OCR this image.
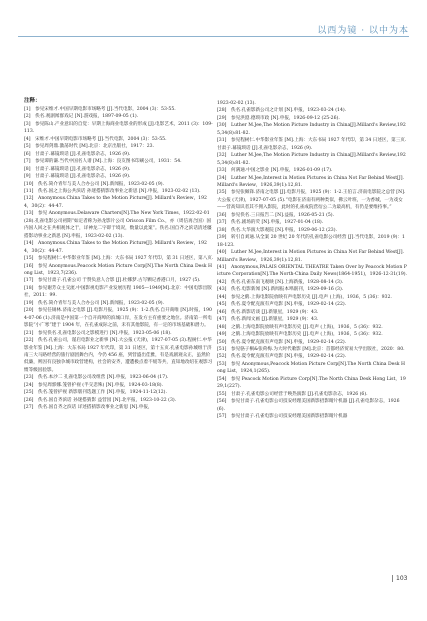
以西为镜 · 以中为本
注释：
[1]　参见宋维才.中国早期电影市场略考 [J].当代电影，2004 (3)：53-55.
[2]　佚名.观剧闻群戏记 [N].游戏报，1897-09-05 (1).
[3]　参见陈山.产业意识的自觉：早期上海商业电影业的形成 [J].电影艺术，2011 (3)：109-113.
[4]　宋维才.中国早期电影市场略考 [J].当代电影，2004 (3)：53-55.
[5]　参见周剑鼎.激荡时代 [M].北京：北京出版社，1917：23.
[6]　甘肃子.幕镜琐话 [J].孔雀电影杂志，1926 (9).
[7]　参见谭的谦.当代中国名人谱 [M].上海：良友图书印刷公司，1931：54.
[8]　甘肃子.幕镜琐话 [J].孔雀电影杂志，1926 (9).
[9]　甘肃子.幕镜琐话 [J].孔雀电影杂志，1926 (9).
[10]　佚名.简介青年与美人合办公司 [N].新闻报，1923-02-05 (9).
[11]　佚名.国之上海公共滨话 孙迷搭猜影改事业之新思 [N].申报，1923-02-02 (13).
[12]　Anonymous.China Takes to the Motion Picture[J]. Millard's Review，1924，30(2)：44-47.
[13]　参见 Anonymous.Delaware Charters[N].The New York Times，1922-02-01 (28).孔雀电影公司初期“如定者称为孙龙影片公司 Oriscon Film Co.，亦（周信再合国）国内国人回之在共相观体之于，详神龙二字即于境况，数量以此案”。佚名.国自齐之滨话清述疆搭影动事业之新思 [N].申报，1923-02-02 (13).
[14]　Anonymous.China Takes to the Motion Picture[J]. Millard's Review，1924，30(2)：44-47.
[15]　参见程树仁.中华影业年鉴 [M].上海：大东书局 1927 年代印，第 31 日述区，第八页.
[16]　参见 Anonymous.Peacock Motion Picture Corp[N].The North China Desk Hong List，1923,7(236).
[17]　参见甘肃子.孔雀公司 于赞负意人合影 [J].杜娜梦.古写颗记香港口月，1927 (5).
[18]　参见谢芳众主交流.中国影视电影产业发展历程 1905—1949[M].北京：中国电影出版社，2011：99.
[19]　佚名.简介青年与美人合办公司 [N].新闻报，1923-02-05 (9).
[20]　参见任锡林.济南之电影 [J].电影月报，1925 (9)：1-2.佚名.自开商唯 [N].时报，1904-07-06 (1).济南是中国第一个自开商埠的滨城口岸，在发方主有重要之地位。济南第一所电影院“小广寒”建于 1904 年，在孔雀成际之前，未有其他影院，有一定的市场基础和潜力。
[21]　参见佚名.孔雀电影公司之影模进行 [N].申报，1923-05-06 (18).
[22]　佚名.孔雀公司，谨启电影业之新事 [N].大公报 (天津)，1927-07-05 (3).程树仁.中华影业年鉴 [M].上海：大东书局 1927 年代印，第 31 日述区，第十五页.孔雀电影孙城组于济南三大马路经营的旅行剧团舞台内，今仍 456 座，到营盛出佳雅，有是戏剧观众正，虽然价低廉，则因有良独争城市政营建构，社会的安齐，遭遭极点着不缓等共，直知地改绍在观影习惯等级因验影。
[23]　佚名.本沙二 孔雀电影公司改组营 [N].申报，1923-06-04 (17).
[24]　参见周郭娜.笼曾护视 (半交悲殊) [N].申报，1924-03-18(8).
[25]　佚名.笼曾护视 新影版刊选题工作 [N].申报，1924-11-12(12).
[26]　佚名.国自齐滨话 孙迷搭猜影 益营园 [N].北平报，1923-10-22 (3).
[27]　佚名.国自齐之滨话 详述搭猜影改事业之新思 [N].申报，
1923-02-02 (13).
[28]　佚名.孔雀影新公司之计划 [N].申报，1923-03-24 (14).
[29]　参见洪澄.德琐市政 [N].申报，1926-09-12 (25-26).
[30]　Luther M.Jee,The Motion Picture Industry in China[J].Millard's Review,1925,34(8):81-82.
[31]　参见程树仁.中华影业年鉴 [M].上海：大东书局 1927 年代印，第 34 日述区，第三页.甘肃子.幕镜琐话 [J].孔雀电影杂志，1926 (9).
[32]　Luther M.Jee,The Motion Picture Industry in China[J].Millard's Review,1925,34(8):81-82.
[33]　何满通.中国之影业 [N].申报，1926-01-09 (17).
[34]　Luther M.Jee,Interest in Motion Pictures in China Not Far Behind West[J].Millard's Review，1926,39(1):12,81.
[35]　参见张佩锋.济南之电影 [J].电影月报，1925 (9)：1-2.王伯言.济南电影院之总营 [N].大公报 (天津)，1927-07-05 (5).“电影在济南有两种类似，佛云叶班，一为香城，一为戏女——营高知识者其不拥入影院，此时的孔雀成院营衍公二为最高机，有仍是要维持事。”
[36]　参见佚名.三日报告二 [N].益报，1926-05-21 (5).
[37]　佚名.剧场的荧 [N].申报，1927-01-04 (18).
[38]　佚名.大华演大影观院 [N].申报，1929-06-12 (23).
[39]　转引自刘通.从全案 20 世纪 20 年代的孔雀电影公司经营 [J].当代电影，2019 (9)：118-123.
[40]　Luther M.Jee,Interest in Motion Pictures in China Not Far Behind West[J].Millard's Review，1926,39(1):12,81.
[41]　Anonymous,PALAIS ORIENTAL THEATRE Taken Over by Peacock Motion Picture Corporation[N].The North-China Daily News(1864-1951)，1926-12-31(19).
[42]　佚名.孔雀东南飞观映 [N].上海新报，1928-08-14 (3).
[43]　佚名.电影新闻 [N].新闻报本埠副刊，1929-09-16 (3).
[44]　参见之鹤.上海电影院放映有声电影历史 [J].电声 (上海)，1936，5 (36)：932.
[45]　佚名.夏令配克演有声电影 [N].申报，1929-02-14 (22).
[46]　佚名.新影话谈 [J].新银星，1929 (9)：43.
[47]　佚名.新闻文画 [J].新银星，1929 (9)：43.
[48]　之鹤.上海电影院放映有声电影历史 [J].电声 (上海)，1936，5 (36)：932.
[49]　之鹤.上海电影院放映有声电影历史 [J].电声 (上海)，1936，5 (36)：932.
[50]　佚名.夏令配克演有声电影 [N].申报，1929-02-14 (22).
[51]　参见骆子桐&张荷梅.为大时代歌影 [M].北京：首都经济贸易大学出版社，2020：80.
[52]　佚名.夏令配克演有声电影 [N].申报，1929-02-14 (22).
[53]　参见 Anonymous,Peacock Motion Picture Corp[N].The North China Desk Hong List，1924,1(265).
[54]　参见 Peacock Motion Picture Corp[N].The North China Desk Hong List，1929,1(227).
[55]　甘肃子.孔雀电影公司经营于唤热演影 [J].孔雀电影杂志，1926 (6).
[56]　参见甘肃子.孔雀电影公司技安经理美国新影招影睛片机器 [J].孔雀电影杂志，1926 (6).
[57]　参见甘肃子.孔雀电影公司技安经理美国新影招影睛片机器
103
